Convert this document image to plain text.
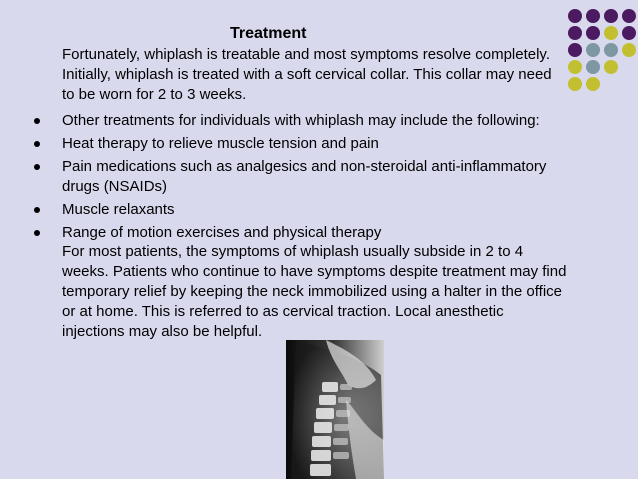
Treatment

Fortunately, whiplash is treatable and most symptoms resolve completely.
Initially, whiplash is treated with a soft cervical collar. This collar may need
to be worn for 2 to 3 weeks.

Other treatments for individuals with whiplash may include the following:
Heat therapy to relieve muscle tension and pain
Pain medications such as analgesics and non-steroidal anti-inflammatory
drugs (NSAIDs)
Muscle relaxants
Range of motion exercises and physical therapy

For most patients, the symptoms of whiplash usually subside in 2 to 4
weeks. Patients who continue to have symptoms despite treatment may find
temporary relief by keeping the neck immobilized using a halter in the office
or at home. This is referred to as cervical traction. Local anesthetic
injections may also be helpful.
